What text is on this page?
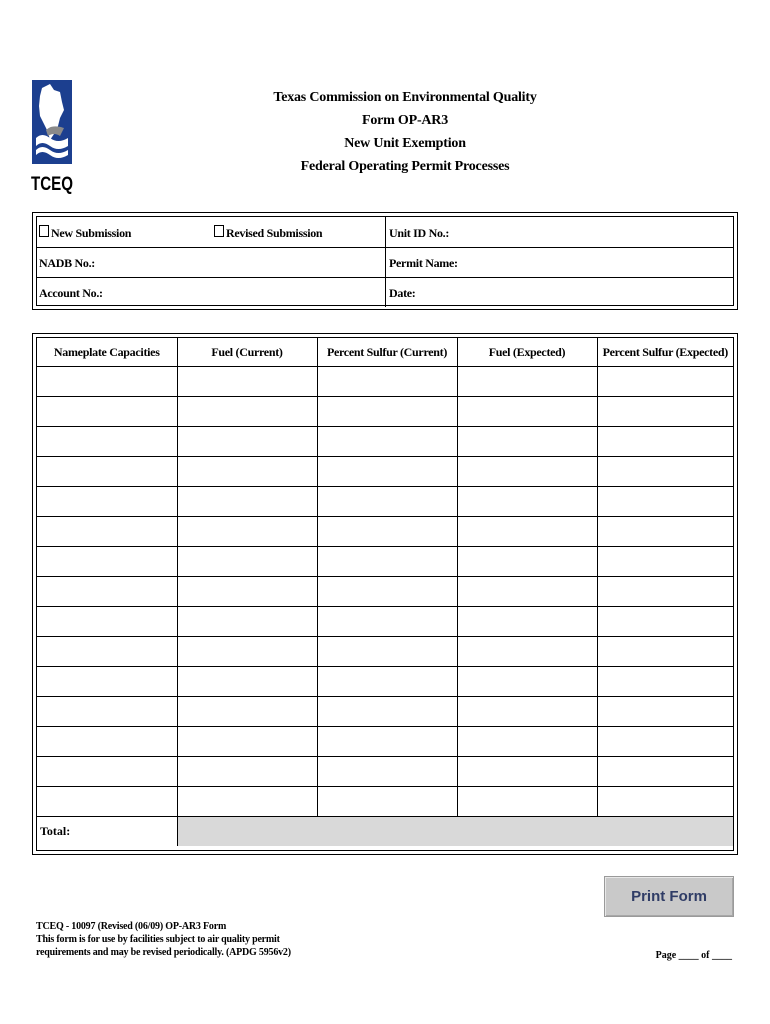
TCEQ
Texas Commission on Environmental Quality
Form OP-AR3
New Unit Exemption
Federal Operating Permit Processes
New Submission	Revised Submission	Unit ID No.:
NADB No.:	Permit Name:
Account No.:	Date:
Nameplate Capacities	Fuel (Current)	Percent Sulfur (Current)	Fuel (Expected)	Percent Sulfur (Expected)

Total:				
Print Form
TCEQ - 10097 (Revised (06/09) OP-AR3 Form
This form is for use by facilities subject to air quality permit
requirements and may be revised periodically. (APDG 5956v2)	Page ____ of ____
